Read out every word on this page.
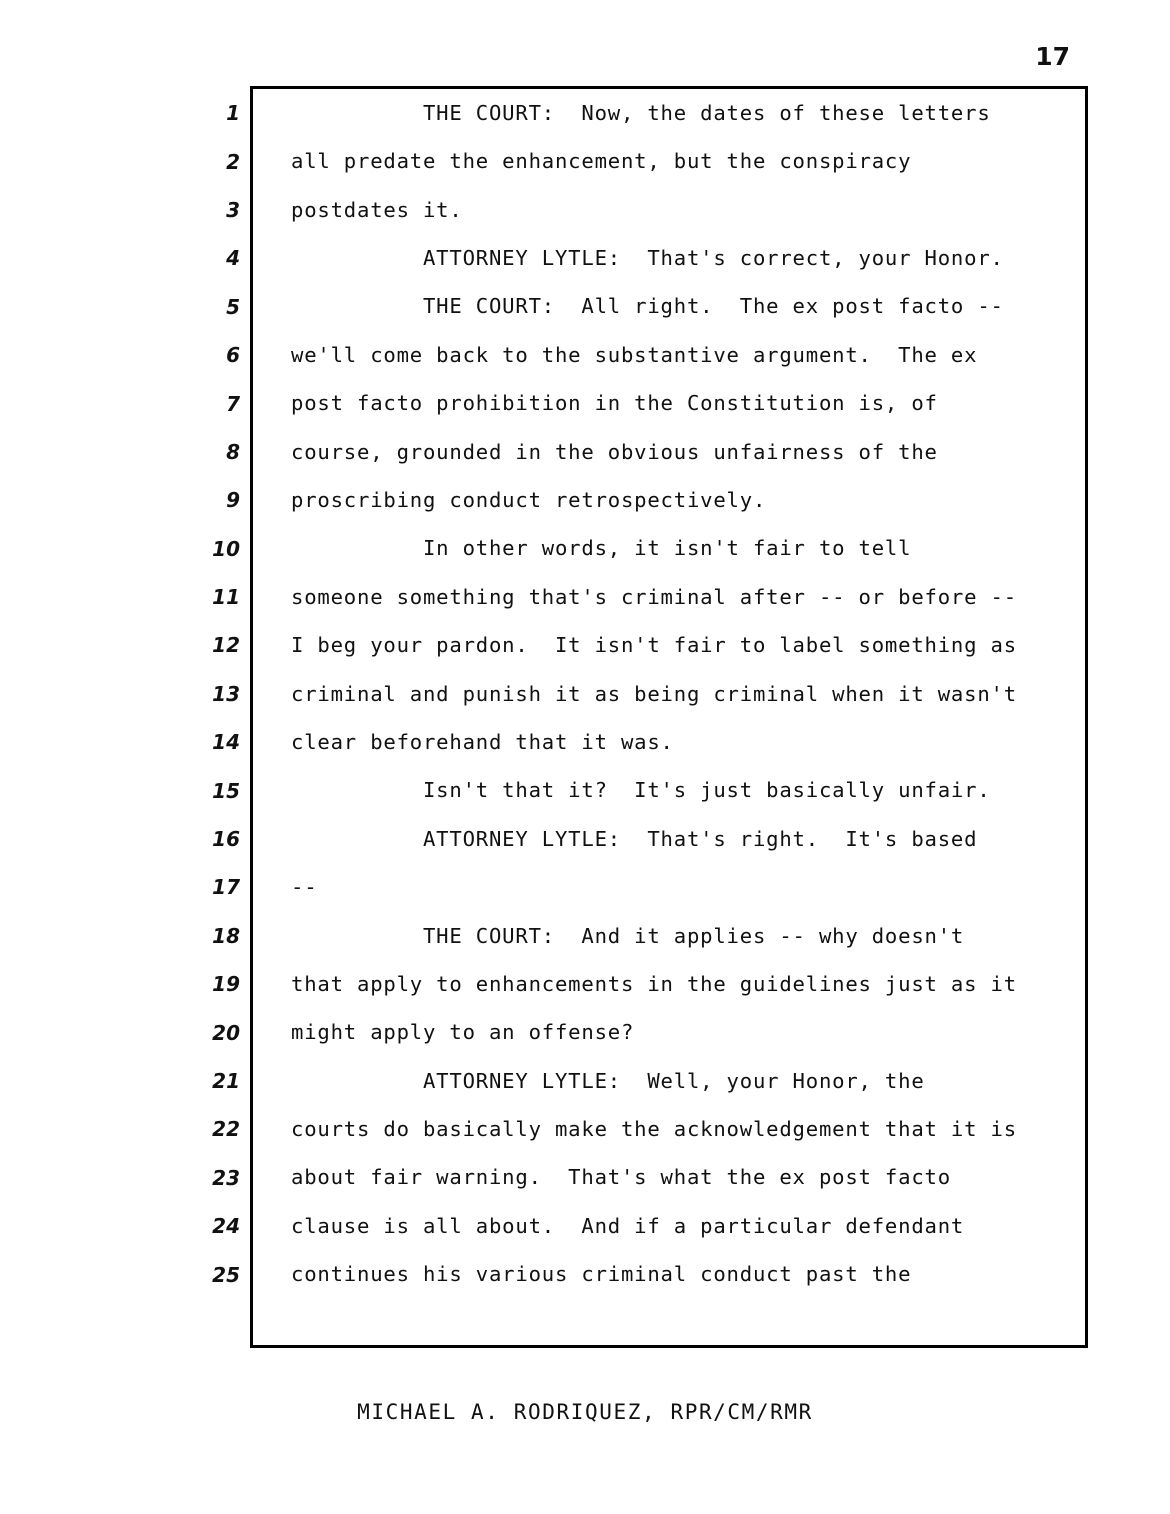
17
1	THE COURT:  Now, the dates of these letters
2	all predate the enhancement, but the conspiracy
3	postdates it.
4	ATTORNEY LYTLE:  That's correct, your Honor.
5	THE COURT:  All right.  The ex post facto --
6	we'll come back to the substantive argument.  The ex
7	post facto prohibition in the Constitution is, of
8	course, grounded in the obvious unfairness of the
9	proscribing conduct retrospectively.
10	In other words, it isn't fair to tell
11	someone something that's criminal after -- or before --
12	I beg your pardon.  It isn't fair to label something as
13	criminal and punish it as being criminal when it wasn't
14	clear beforehand that it was.
15	Isn't that it?  It's just basically unfair.
16	ATTORNEY LYTLE:  That's right.  It's based
17	--
18	THE COURT:  And it applies -- why doesn't
19	that apply to enhancements in the guidelines just as it
20	might apply to an offense?
21	ATTORNEY LYTLE:  Well, your Honor, the
22	courts do basically make the acknowledgement that it is
23	about fair warning.  That's what the ex post facto
24	clause is all about.  And if a particular defendant
25	continues his various criminal conduct past the
MICHAEL A. RODRIQUEZ, RPR/CM/RMR
